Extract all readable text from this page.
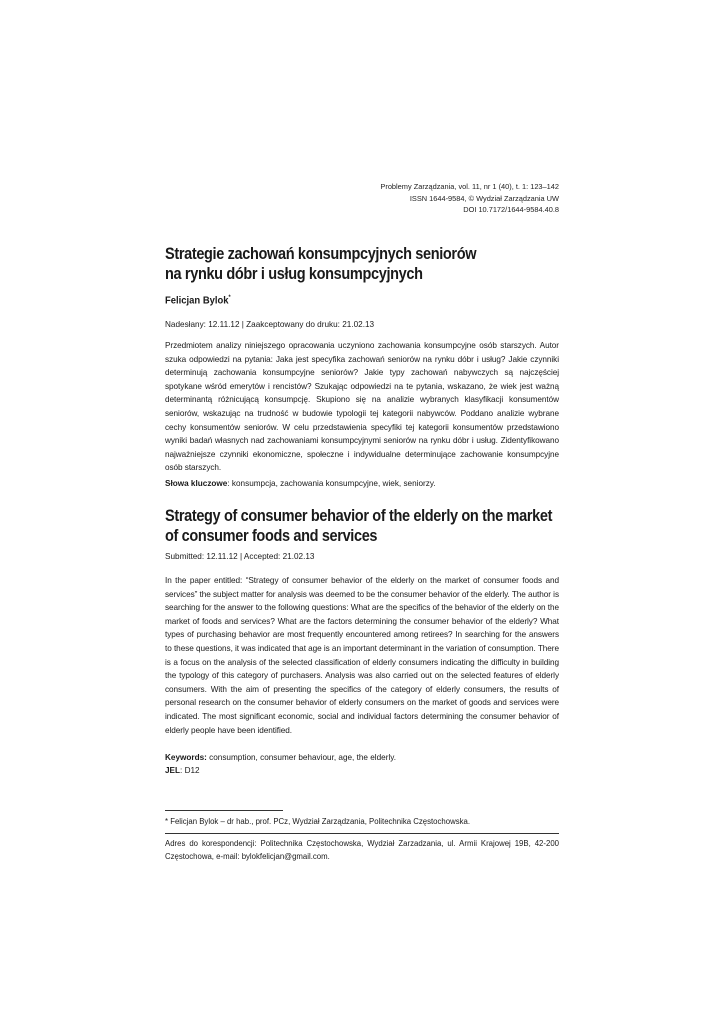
Problemy Zarządzania, vol. 11, nr 1 (40), t. 1: 123–142
ISSN 1644-9584, © Wydział Zarządzania UW
DOI 10.7172/1644-9584.40.8
Strategie zachowań konsumpcyjnych seniorów
na rynku dóbr i usług konsumpcyjnych

Felicjan Bylok*

Nadesłany: 12.11.12 | Zaakceptowany do druku: 21.02.13

Przedmiotem analizy niniejszego opracowania uczyniono zachowania konsumpcyjne osób starszych. Autor szuka odpowiedzi na pytania: Jaka jest specyfika zachowań seniorów na rynku dóbr i usług? Jakie czynniki determinują zachowania konsumpcyjne seniorów? Jakie typy zachowań nabywczych są najczęściej spotykane wśród emerytów i rencistów? Szukając odpowiedzi na te pytania, wskazano, że wiek jest ważną determinantą różnicującą konsumpcję. Skupiono się na analizie wybranych klasyfikacji konsumentów seniorów, wskazując na trudność w budowie typologii tej kategorii nabywców. Poddano analizie wybrane cechy konsumentów seniorów. W celu przedstawienia specyfiki tej kategorii konsumentów przedstawiono wyniki badań własnych nad zachowaniami konsumpcyjnymi seniorów na rynku dóbr i usług. Zidentyfikowano najważniejsze czynniki ekonomiczne, społeczne i indywidualne determinujące zachowanie konsumpcyjne osób starszych.

Słowa kluczowe: konsumpcja, zachowania konsumpcyjne, wiek, seniorzy.

Strategy of consumer behavior of the elderly on the market
of consumer foods and services
Submitted: 12.11.12 | Accepted: 21.02.13

In the paper entitled: “Strategy of consumer behavior of the elderly on the market of consumer foods and services” the subject matter for analysis was deemed to be the consumer behavior of the elderly. The author is searching for the answer to the following questions: What are the specifics of the behavior of the elderly on the market of foods and services? What are the factors determining the consumer behavior of the elderly? What types of purchasing behavior are most frequently encountered among retirees? In searching for the answers to these questions, it was indicated that age is an important determinant in the variation of consumption. There is a focus on the analysis of the selected classification of elderly consumers indicating the difficulty in building the typology of this category of purchasers. Analysis was also carried out on the selected features of elderly consumers. With the aim of presenting the specifics of the category of elderly consumers, the results of personal research on the consumer behavior of elderly consumers on the market of goods and services were indicated. The most significant economic, social and individual factors determining the consumer behavior of elderly people have been identified.

Keywords: consumption, consumer behaviour, age, the elderly.

JEL: D12

* Felicjan Bylok – dr hab., prof. PCz, Wydział Zarządzania, Politechnika Częstochowska.
Adres do korespondencji: Politechnika Częstochowska, Wydział Zarzadzania, ul. Armii Krajowej 19B, 42-200 Częstochowa, e-mail: bylokfelicjan@gmail.com.
